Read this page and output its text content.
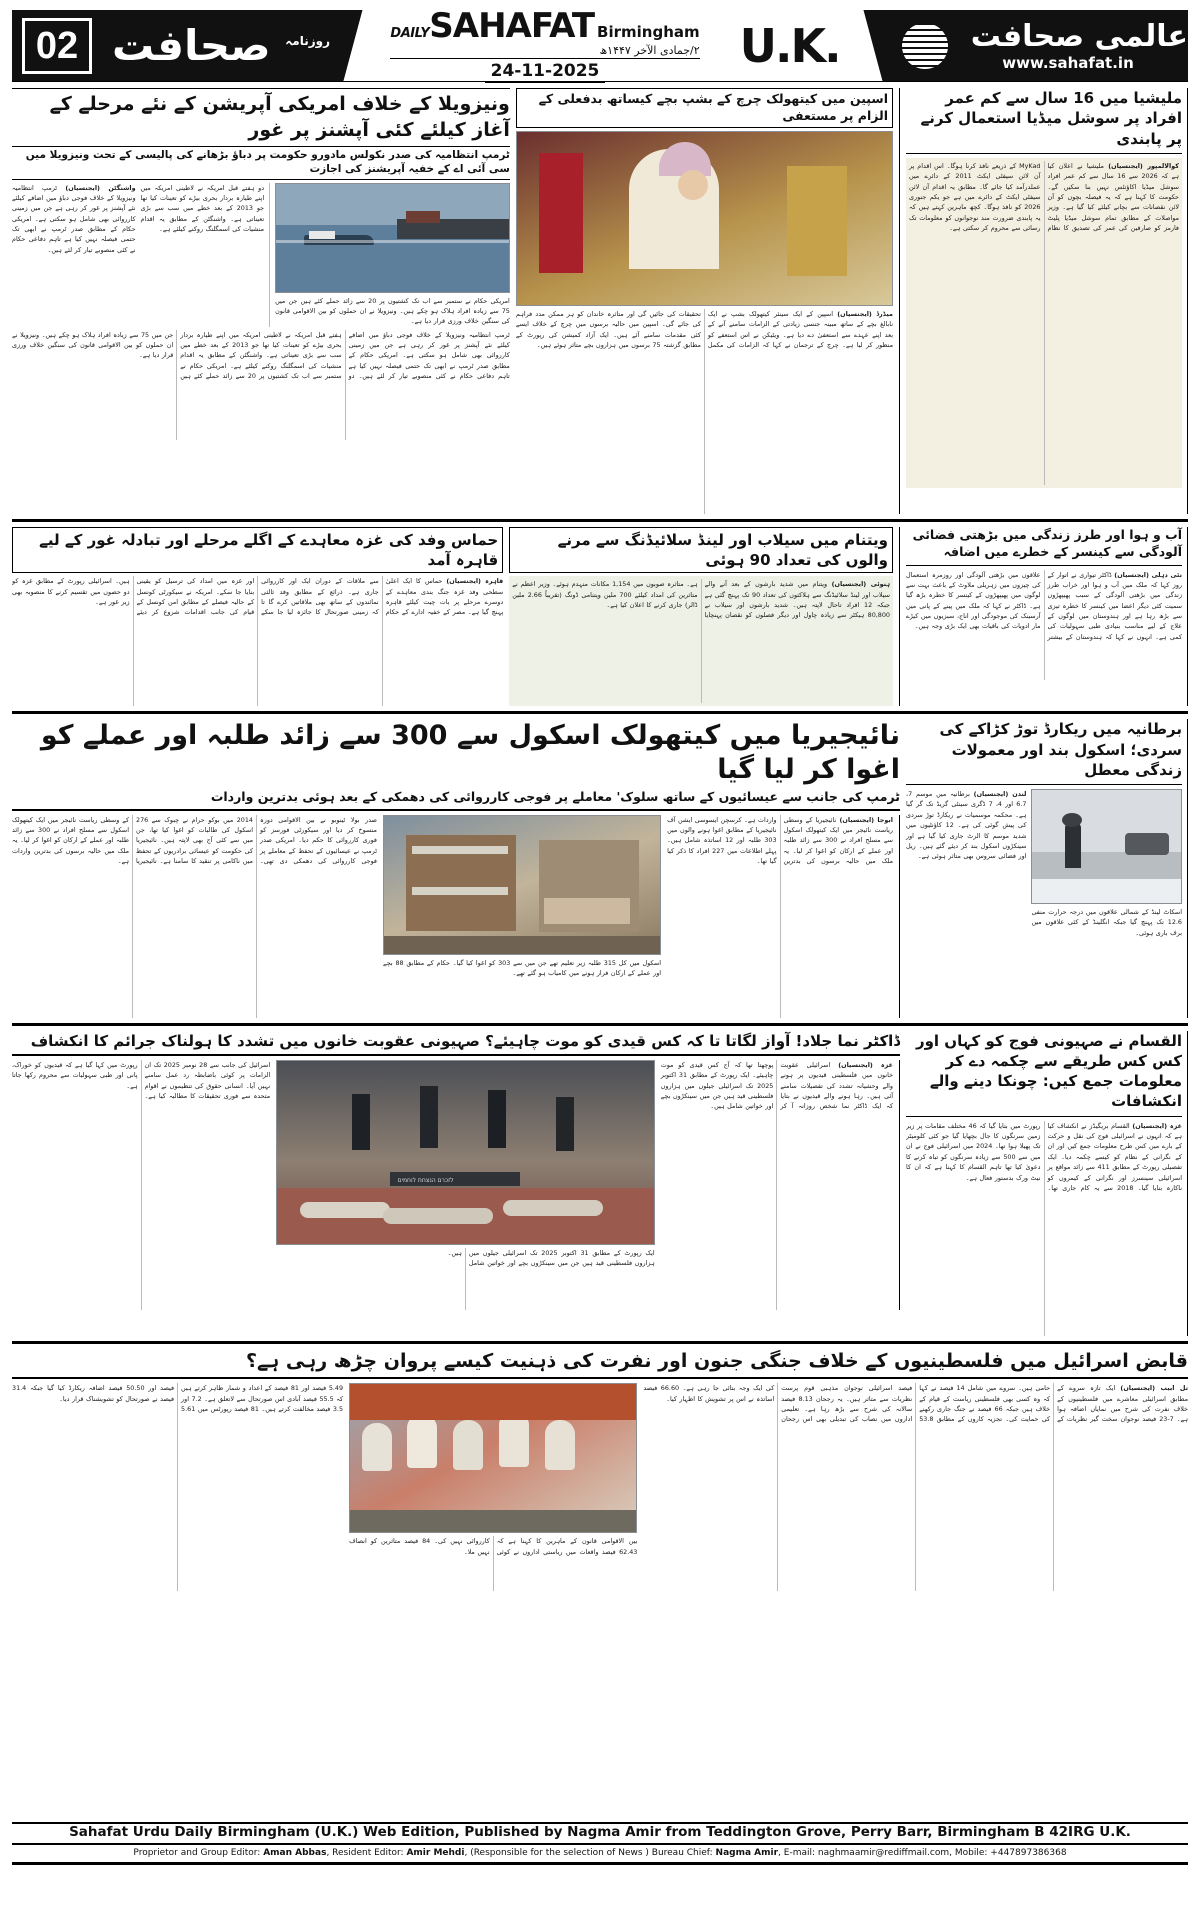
02	$^{روزنامہ}$ صحافت	DAILY SAHAFAT Birmingham
۲/جمادی الآخر ۱۴۴۷ھ
24-11-2025	U.K.	عالمی صحافت
www.sahafat.in
ونیزویلا کے خلاف امریکی آپریشن کے نئے مرحلے کے آغاز کیلئے کئی آپشنز پر غور
ٹرمپ انتظامیہ کی صدر نکولس مادورو حکومت پر دباؤ بڑھانے کی پالیسی کے تحت ونیزویلا میں سی آئی اے کے خفیہ آپریشنز کی اجازت
واشنگٹن (ایجنسیاں) ٹرمپ انتظامیہ ونیزویلا کے خلاف فوجی دباؤ میں اضافے کیلئے نئے آپشنز پر غور کر رہی ہے جن میں زمینی کارروائی بھی شامل ہو سکتی ہے۔ امریکی حکام کے مطابق صدر ٹرمپ نے ابھی تک حتمی فیصلہ نہیں کیا ہے تاہم دفاعی حکام نے کئی منصوبے تیار کر لئے ہیں۔
دو ہفتے قبل امریکہ نے لاطینی امریکہ میں اپنے طیارہ بردار بحری بیڑے کو تعینات کیا تھا جو 2013 کے بعد خطے میں سب سے بڑی تعیناتی ہے۔ واشنگٹن کے مطابق یہ اقدام منشیات کی اسمگلنگ روکنے کیلئے ہے۔
امریکی حکام نے ستمبر سے اب تک کشتیوں پر 20 سے زائد حملے کئے ہیں جن میں 75 سے زیادہ افراد ہلاک ہو چکے ہیں۔ ونیزویلا نے ان حملوں کو بین الاقوامی قانون کی سنگین خلاف ورزی قرار دیا ہے۔
ٹرمپ انتظامیہ ونیزویلا کے خلاف فوجی دباؤ میں اضافے کیلئے نئے آپشنز پر غور کر رہی ہے جن میں زمینی کارروائی بھی شامل ہو سکتی ہے۔ امریکی حکام کے مطابق صدر ٹرمپ نے ابھی تک حتمی فیصلہ نہیں کیا ہے تاہم دفاعی حکام نے کئی منصوبے تیار کر لئے ہیں۔ دو ہفتے قبل امریکہ نے لاطینی امریکہ میں اپنے طیارہ بردار بحری بیڑے کو تعینات کیا تھا جو 2013 کے بعد خطے میں سب سے بڑی تعیناتی ہے۔ واشنگٹن کے مطابق یہ اقدام منشیات کی اسمگلنگ روکنے کیلئے ہے۔ امریکی حکام نے ستمبر سے اب تک کشتیوں پر 20 سے زائد حملے کئے ہیں جن میں 75 سے زیادہ افراد ہلاک ہو چکے ہیں۔ ونیزویلا نے ان حملوں کو بین الاقوامی قانون کی سنگین خلاف ورزی قرار دیا ہے۔
اسپین میں کیتھولک چرچ کے بشپ بچے کیساتھ بدفعلی کے الزام پر مستعفی
میڈرڈ (ایجنسیاں) اسپین کے ایک سینئر کیتھولک بشپ نے ایک نابالغ بچے کے ساتھ مبینہ جنسی زیادتی کے الزامات سامنے آنے کے بعد اپنے عہدے سے استعفیٰ دے دیا ہے۔ ویٹیکن نے اس استعفے کو منظور کر لیا ہے۔ چرچ کے ترجمان نے کہا کہ الزامات کی مکمل تحقیقات کی جائیں گی اور متاثرہ خاندان کو ہر ممکن مدد فراہم کی جائے گی۔ اسپین میں حالیہ برسوں میں چرچ کے خلاف ایسے کئی مقدمات سامنے آئے ہیں۔ ایک آزاد کمیشن کی رپورٹ کے مطابق گزشتہ 75 برسوں میں ہزاروں بچے متاثر ہوئے ہیں۔
ملیشیا میں 16 سال سے کم عمر افراد پر سوشل میڈیا استعمال کرنے پر پابندی
کوالالمپور (ایجنسیاں) ملیشیا نے اعلان کیا ہے کہ 2026 سے 16 سال سے کم عمر افراد سوشل میڈیا اکاؤنٹس نہیں بنا سکیں گے۔ حکومت کا کہنا ہے کہ یہ فیصلہ بچوں کو آن لائن نقصانات سے بچانے کیلئے کیا گیا ہے۔ وزیر مواصلات کے مطابق تمام سوشل میڈیا پلیٹ فارمز کو صارفین کی عمر کی تصدیق کا نظام MyKad کے ذریعے نافذ کرنا ہوگا۔ اس اقدام پر آن لائن سیفٹی ایکٹ 2011 کے دائرے میں عملدرآمد کیا جائے گا۔ مطابق یہ اقدام آن لائن سیفٹی ایکٹ کے دائرے میں ہے جو یکم جنوری 2026 کو نافذ ہوگا۔ کچھ ماہرین کہتے ہیں کہ یہ پابندی ضرورت مند نوجوانوں کو معلومات تک رسائی سے محروم کر سکتی ہے۔
حماس وفد کی غزہ معاہدے کے اگلے مرحلے اور تبادلہ غور کے لیے قاہرہ آمد
قاہرہ (ایجنسیاں) حماس کا ایک اعلیٰ سطحی وفد غزہ جنگ بندی معاہدے کے دوسرے مرحلے پر بات چیت کیلئے قاہرہ پہنچ گیا ہے۔ مصر کے خفیہ ادارے کے حکام سے ملاقات کے دوران ایک اور کارروائی جاری ہے۔ ذرائع کے مطابق وفد ثالثی نمائندوں کے ساتھ بھی ملاقاتیں کرے گا تا کہ زمینی صورتحال کا جائزہ لیا جا سکے اور غزہ میں امداد کی ترسیل کو یقینی بنایا جا سکے۔ امریکہ نے سیکورٹی کونسل کے حالیہ فیصلے کے مطابق امن کونسل کے قیام کی جانب اقدامات شروع کر دیئے ہیں۔ اسرائیلی رپورٹ کے مطابق غزہ کو دو حصوں میں تقسیم کرنے کا منصوبہ بھی زیر غور ہے۔
ویتنام میں سیلاب اور لینڈ سلائیڈنگ سے مرنے والوں کی تعداد 90 ہوئی
ہنوئی (ایجنسیاں) ویتنام میں شدید بارشوں کے بعد آنے والے سیلاب اور لینڈ سلائیڈنگ سے ہلاکتوں کی تعداد 90 تک پہنچ گئی ہے جبکہ 12 افراد تاحال لاپتہ ہیں۔ شدید بارشوں اور سیلاب نے 80,800 ہیکٹر سے زیادہ چاول اور دیگر فصلوں کو نقصان پہنچایا ہے۔ متاثرہ صوبوں میں 1,154 مکانات منہدم ہوئے۔ وزیر اعظم نے متاثرین کی امداد کیلئے 700 ملین ویتنامی ڈونگ (تقریباً 2.66 ملین ڈالر) جاری کرنے کا اعلان کیا ہے۔
آب و ہوا اور طرز زندگی میں بڑھتی فضائی آلودگی سے کینسر کے خطرے میں اضافہ
نئی دہلی (ایجنسیاں) ڈاکٹر تیواری نے اتوار کے روز کہا کہ ملک میں آب و ہوا اور خراب طرز زندگی میں بڑھتی آلودگی کے سبب پھیپھڑوں سمیت کئی دیگر اعضا میں کینسر کا خطرہ تیزی سے بڑھ رہا ہے اور ہندوستان میں لوگوں کے علاج کے لیے مناسب بنیادی طبی سہولیات کی کمی ہے۔ انہوں نے کہا کہ ہندوستان کے بیشتر علاقوں میں بڑھتی آلودگی اور روزمرہ استعمال کی چیزوں میں زہریلی ملاوٹ کے باعث بہت سے لوگوں میں پھیپھڑوں کے کینسر کا خطرہ بڑھ گیا ہے۔ ڈاکٹر نے کہا کہ ملک میں پینے کے پانی میں آرسینک کی موجودگی اور اناج، سبزیوں میں کیڑے مار ادویات کی باقیات بھی ایک بڑی وجہ ہیں۔
نائیجیریا میں کیتھولک اسکول سے 300 سے زائد طلبہ اور عملے کو اغوا کر لیا گیا
ٹرمپ کی جانب سے عیسائیوں کے ساتھ سلوک' معاملے پر فوجی کارروائی کی دھمکی کے بعد ہوئی بدترین واردات
صدر بولا ٹینوبو نے بین الاقوامی دورہ منسوخ کر دیا اور سیکورٹی فورسز کو فوری کارروائی کا حکم دیا۔ امریکی صدر ٹرمپ نے عیسائیوں کے تحفظ کے معاملے پر فوجی کارروائی کی دھمکی دی تھی۔ 2014 میں بوکو حرام نے چبوک سے 276 اسکول کی طالبات کو اغوا کیا تھا، جن میں سے کئی آج بھی لاپتہ ہیں۔ نائیجیریا کی حکومت کو عیسائی برادریوں کے تحفظ میں ناکامی پر تنقید کا سامنا ہے۔ نائیجیریا کے وسطی ریاست نائیجر میں ایک کیتھولک اسکول سے مسلح افراد نے 300 سے زائد طلبہ اور عملے کے ارکان کو اغوا کر لیا۔ یہ ملک میں حالیہ برسوں کی بدترین واردات ہے۔
اسکول میں کل 315 طلبہ زیر تعلیم تھے جن میں سے 303 کو اغوا کیا گیا۔ حکام کے مطابق 88 بچے اور عملے کے ارکان فرار ہونے میں کامیاب ہو گئے تھے۔
ابوجا (ایجنسیاں) نائیجیریا کے وسطی ریاست نائیجر میں ایک کیتھولک اسکول سے مسلح افراد نے 300 سے زائد طلبہ اور عملے کے ارکان کو اغوا کر لیا۔ یہ ملک میں حالیہ برسوں کی بدترین واردات ہے۔ کرسچن ایسوسی ایشن آف نائیجیریا کے مطابق اغوا ہونے والوں میں 303 طلبہ اور 12 اساتذہ شامل ہیں۔ پہلے اطلاعات میں 227 افراد کا ذکر کیا گیا تھا۔
برطانیہ میں ریکارڈ توڑ کڑاکے کی سردی؛ اسکول بند اور معمولات زندگی معطل
لندن (ایجنسیاں) برطانیہ میں موسم 7، 6.7 اور 4، 7 ڈگری سینٹی گریڈ تک گر گیا ہے۔ محکمہ موسمیات نے ریکارڈ توڑ سردی کی پیش گوئی کی ہے۔ 12 کاؤنٹیوں میں شدید موسم کا الرٹ جاری کیا گیا ہے اور سینکڑوں اسکول بند کر دیئے گئے ہیں۔ ریل اور فضائی سروس بھی متاثر ہوئی ہے۔
اسکاٹ لینڈ کے شمالی علاقوں میں درجہ حرارت منفی 12.6 تک پہنچ گیا جبکہ انگلینڈ کے کئی علاقوں میں برف باری ہوئی۔
ڈاکٹر نما جلاد! آواز لگاتا تا کہ کس قیدی کو موت چاہیئے؟ صہیونی عقوبت خانوں میں تشدد کا ہولناک جرائم کا انکشاف
اسرائیل کی جانب سے 28 نومبر 2025 تک ان الزامات پر کوئی باضابطہ رد عمل سامنے نہیں آیا۔ انسانی حقوق کی تنظیموں نے اقوام متحدہ سے فوری تحقیقات کا مطالبہ کیا ہے۔ رپورٹ میں کہا گیا ہے کہ قیدیوں کو خوراک، پانی اور طبی سہولیات سے محروم رکھا جاتا ہے۔
לזכרם הנצחת לוחמים
ایک رپورٹ کے مطابق 31 اکتوبر 2025 تک اسرائیلی جیلوں میں ہزاروں فلسطینی قید ہیں جن میں سینکڑوں بچے اور خواتین شامل ہیں۔
غزہ (ایجنسیاں) اسرائیلی عقوبت خانوں میں فلسطینی قیدیوں پر ہونے والے وحشیانہ تشدد کی تفصیلات سامنے آئی ہیں۔ رہا ہونے والے قیدیوں نے بتایا کہ ایک ڈاکٹر نما شخص روزانہ آ کر پوچھتا تھا کہ آج کس قیدی کو موت چاہیئے۔ ایک رپورٹ کے مطابق 31 اکتوبر 2025 تک اسرائیلی جیلوں میں ہزاروں فلسطینی قید ہیں جن میں سینکڑوں بچے اور خواتین شامل ہیں۔
القسام نے صہیونی فوج کو کہاں اور کس کس طریقے سے چکمہ دے کر معلومات جمع کیں: چونکا دینے والے انکشافات
غزہ (ایجنسیاں) القسام بریگیڈز نے انکشاف کیا ہے کہ انہوں نے اسرائیلی فوج کی نقل و حرکت کے بارے میں کس طرح معلومات جمع کیں اور ان کے نگرانی کے نظام کو کیسے چکمہ دیا۔ ایک تفصیلی رپورٹ کے مطابق 411 سے زائد مواقع پر اسرائیلی سینسرز اور نگرانی کے کیمروں کو ناکارہ بنایا گیا۔ 2018 سے یہ کام جاری تھا۔ رپورٹ میں بتایا گیا کہ 46 مختلف مقامات پر زیر زمین سرنگوں کا جال بچھایا گیا جو کئی کلومیٹر تک پھیلا ہوا تھا۔ 2024 میں اسرائیلی فوج نے ان میں سے 500 سے زیادہ سرنگوں کو تباہ کرنے کا دعویٰ کیا تھا تاہم القسام کا کہنا ہے کہ ان کا نیٹ ورک بدستور فعال ہے۔
قابض اسرائیل میں فلسطینیوں کے خلاف جنگی جنون اور نفرت کی ذہنیت کیسے پروان چڑھ رہی ہے؟
5.49 فیصد اور 81 فیصد کے اعداد و شمار ظاہر کرتے ہیں کہ 55.5 فیصد آبادی اس صورتحال سے لاتعلق ہے۔ 7.2 اور 3.5 فیصد مخالفت کرتے ہیں۔ 81 فیصد رپورٹس میں 5.61 فیصد اور 50.50 فیصد اضافہ ریکارڈ کیا گیا جبکہ 31.4 فیصد نے صورتحال کو تشویشناک قرار دیا۔
بین الاقوامی قانون کے ماہرین کا کہنا ہے کہ 62.43 فیصد واقعات میں ریاستی اداروں نے کوئی کارروائی نہیں کی۔ 84 فیصد متاثرین کو انصاف نہیں ملا۔
تل ابیب (ایجنسیاں) ایک تازہ سروے کے مطابق اسرائیلی معاشرے میں فلسطینیوں کے خلاف نفرت کی شرح میں نمایاں اضافہ ہوا ہے۔ 7-23 فیصد نوجوان سخت گیر نظریات کے حامی ہیں۔ سروے میں شامل 14 فیصد نے کہا کہ وہ کسی بھی فلسطینی ریاست کے قیام کے خلاف ہیں جبکہ 66 فیصد نے جنگ جاری رکھنے کی حمایت کی۔ تجزیہ کاروں کے مطابق 53.8 فیصد اسرائیلی نوجوان مذہبی قوم پرست نظریات سے متاثر ہیں۔ یہ رجحان 8.13 فیصد سالانہ کی شرح سے بڑھ رہا ہے۔ تعلیمی اداروں میں نصاب کی تبدیلی بھی اس رجحان کی ایک وجہ بتائی جا رہی ہے۔ 66.60 فیصد اساتذہ نے اس پر تشویش کا اظہار کیا۔
Sahafat Urdu Daily Birmingham (U.K.) Web Edition, Published by Nagma Amir from Teddington Grove, Perry Barr, Birmingham B 42IRG U.K.
Proprietor and Group Editor: Aman Abbas, Resident Editor: Amir Mehdi, (Responsible for the selection of News ) Bureau Chief: Nagma Amir, E-mail: naghmaamir@rediffmail.com, Mobile: +447897386368
